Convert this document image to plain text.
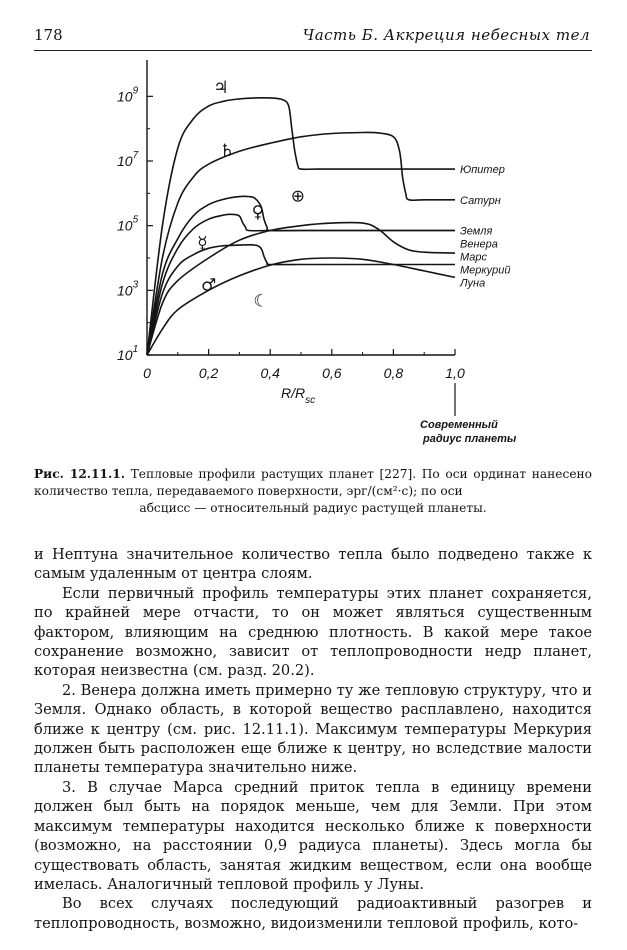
178	Часть Б. Аккреция небесных тел
0	0,2	0,4	0,6	0,8	1,0
$10^1$
$10^3$
$10^5$
$10^7$
$10^9$
Юпитер
Сатурн
Земля
Венера
Марс
Меркурий
Луна
♃
♄
⊕
♀
♂
☿
☾
$R/R_{sc}$
Современный
радиус планеты
Рис. 12.11.1. Тепловые профили растущих планет [227]. По оси ординат нанесено количество тепла, передаваемого поверхности, эрг/(см²·с); по оси
абсцисс — относительный радиус растущей планеты.

и Нептуна значительное количество тепла было подведено также к самым удаленным от центра слоям.

Если первичный профиль температуры этих планет сохраняется, по крайней мере отчасти, то он может являться существенным фактором, влияющим на среднюю плотность. В какой мере такое сохранение возможно, зависит от теплопроводности недр планет, которая неизвестна (см. разд. 20.2).

2. Венера должна иметь примерно ту же тепловую структуру, что и Земля. Однако область, в которой вещество расплавлено, находится ближе к центру (см. рис. 12.11.1). Максимум температуры Меркурия должен быть расположен еще ближе к центру, но вследствие малости планеты температура значительно ниже.

3. В случае Марса средний приток тепла в единицу времени должен был быть на порядок меньше, чем для Земли. При этом максимум температуры находится несколько ближе к поверхности (возможно, на расстоянии 0,9 радиуса планеты). Здесь могла бы существовать область, занятая жидким веществом, если она вообще имелась. Аналогичный тепловой профиль у Луны.

Во всех случаях последующий радиоактивный разогрев и теплопроводность, возможно, видоизменили тепловой профиль, кото-
